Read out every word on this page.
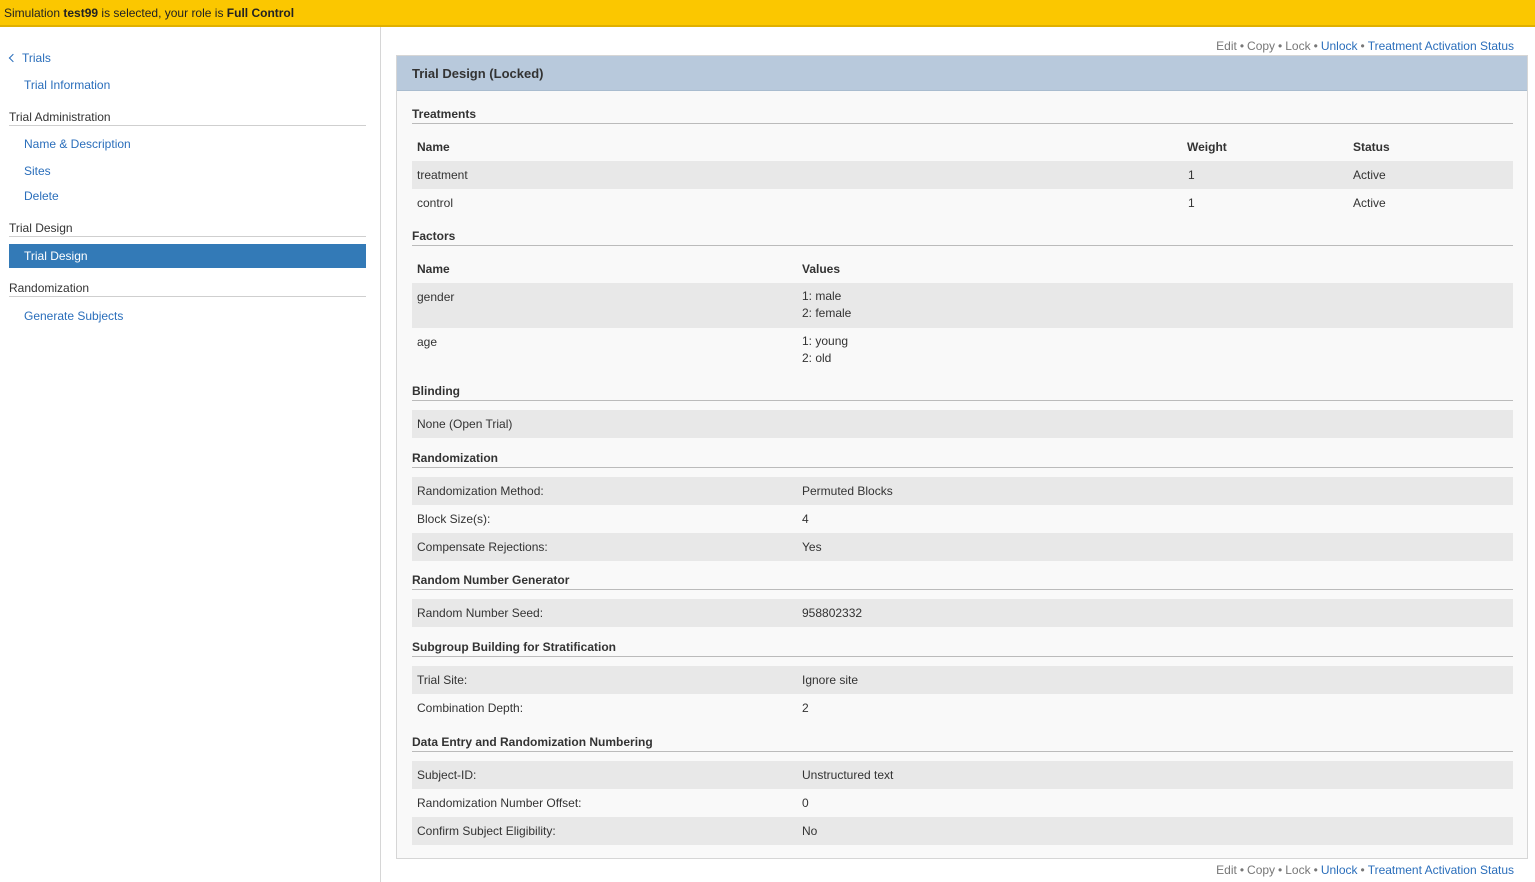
Simulation test99 is selected, your role is Full Control
Trials
Trial Information
Trial Administration
Name & Description
Sites
Delete
Trial Design
Trial Design
Randomization
Generate Subjects
Edit • Copy • Lock • Unlock • Treatment Activation Status
Trial Design (Locked)
Treatments
Name	Weight	Status
treatment	1	Active
control	1	Active
Factors
Name	Values
gender	1: male
2: female
age	1: young
2: old
Blinding
None (Open Trial)
Randomization
Randomization Method:	Permuted Blocks
Block Size(s):	4
Compensate Rejections:	Yes
Random Number Generator
Random Number Seed:	958802332
Subgroup Building for Stratification
Trial Site:	Ignore site
Combination Depth:	2
Data Entry and Randomization Numbering
Subject-ID:	Unstructured text
Randomization Number Offset:	0
Confirm Subject Eligibility:	No
Edit • Copy • Lock • Unlock • Treatment Activation Status
